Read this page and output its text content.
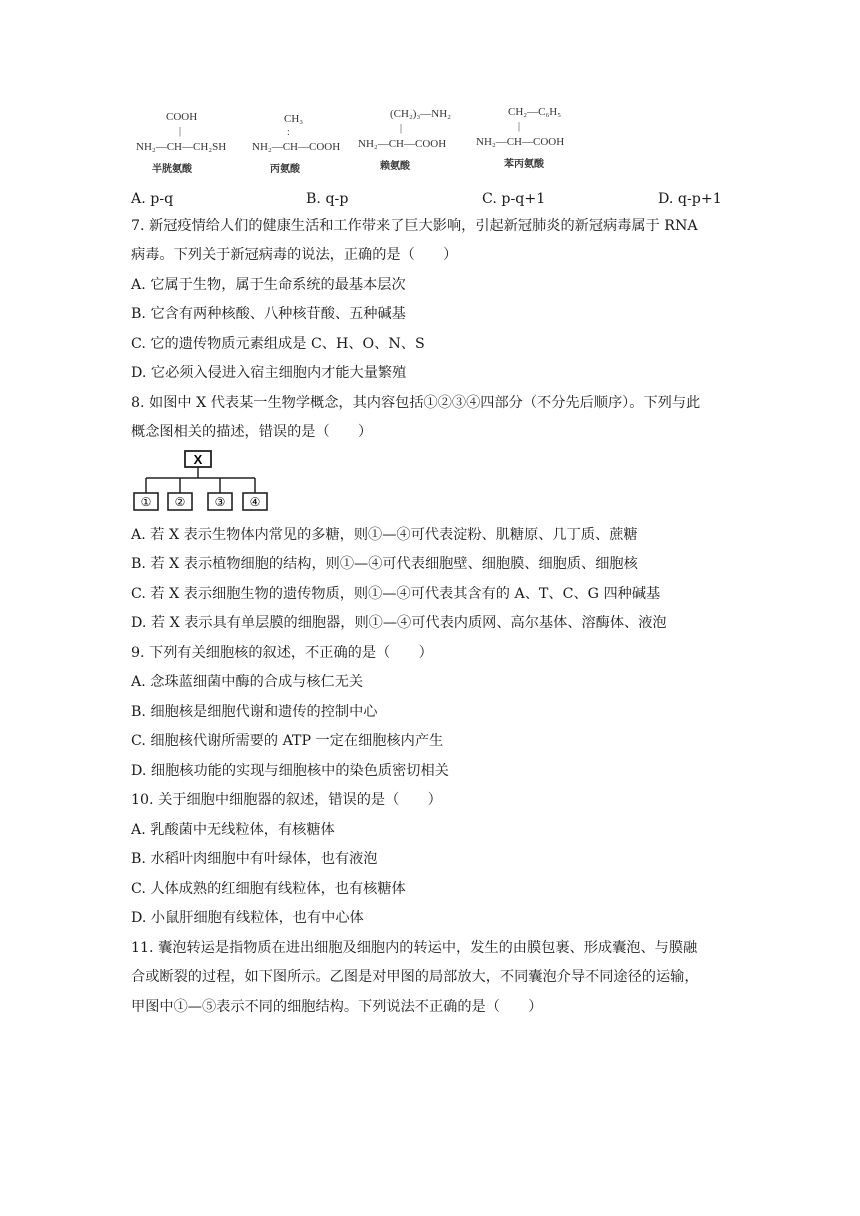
COOH
|
NH₂—CH—CH₂SH
半胱氨酸
CH₃
:
NH₂—CH—COOH
丙氨酸
(CH₂)₃—NH₂
|
NH₂—CH—COOH
赖氨酸
CH₂—C₆H₅
|
NH₂—CH—COOH
苯丙氨酸
A. p-q	B. q-p	C. p-q+1	D. q-p+1
7. 新冠疫情给人们的健康生活和工作带来了巨大影响，引起新冠肺炎的新冠病毒属于 RNA
病毒。下列关于新冠病毒的说法，正确的是（　　）
A. 它属于生物，属于生命系统的最基本层次
B. 它含有两种核酸、八种核苷酸、五种碱基
C. 它的遗传物质元素组成是 C、H、O、N、S
D. 它必须入侵进入宿主细胞内才能大量繁殖
8. 如图中 X 代表某一生物学概念，其内容包括①②③④四部分（不分先后顺序）。下列与此
概念图相关的描述，错误的是（　　）
X
① ② ③ ④
A. 若 X 表示生物体内常见的多糖，则①—④可代表淀粉、肌糖原、几丁质、蔗糖
B. 若 X 表示植物细胞的结构，则①—④可代表细胞壁、细胞膜、细胞质、细胞核
C. 若 X 表示细胞生物的遗传物质，则①—④可代表其含有的 A、T、C、G 四种碱基
D. 若 X 表示具有单层膜的细胞器，则①—④可代表内质网、高尔基体、溶酶体、液泡
9. 下列有关细胞核的叙述，不正确的是（　　）
A. 念珠蓝细菌中酶的合成与核仁无关
B. 细胞核是细胞代谢和遗传的控制中心
C. 细胞核代谢所需要的 ATP 一定在细胞核内产生
D. 细胞核功能的实现与细胞核中的染色质密切相关
10. 关于细胞中细胞器的叙述，错误的是（　　）
A. 乳酸菌中无线粒体，有核糖体
B. 水稻叶肉细胞中有叶绿体，也有液泡
C. 人体成熟的红细胞有线粒体，也有核糖体
D. 小鼠肝细胞有线粒体，也有中心体
11. 囊泡转运是指物质在进出细胞及细胞内的转运中，发生的由膜包裹、形成囊泡、与膜融
合或断裂的过程，如下图所示。乙图是对甲图的局部放大，不同囊泡介导不同途径的运输，
甲图中①—⑤表示不同的细胞结构。下列说法不正确的是（　　）
